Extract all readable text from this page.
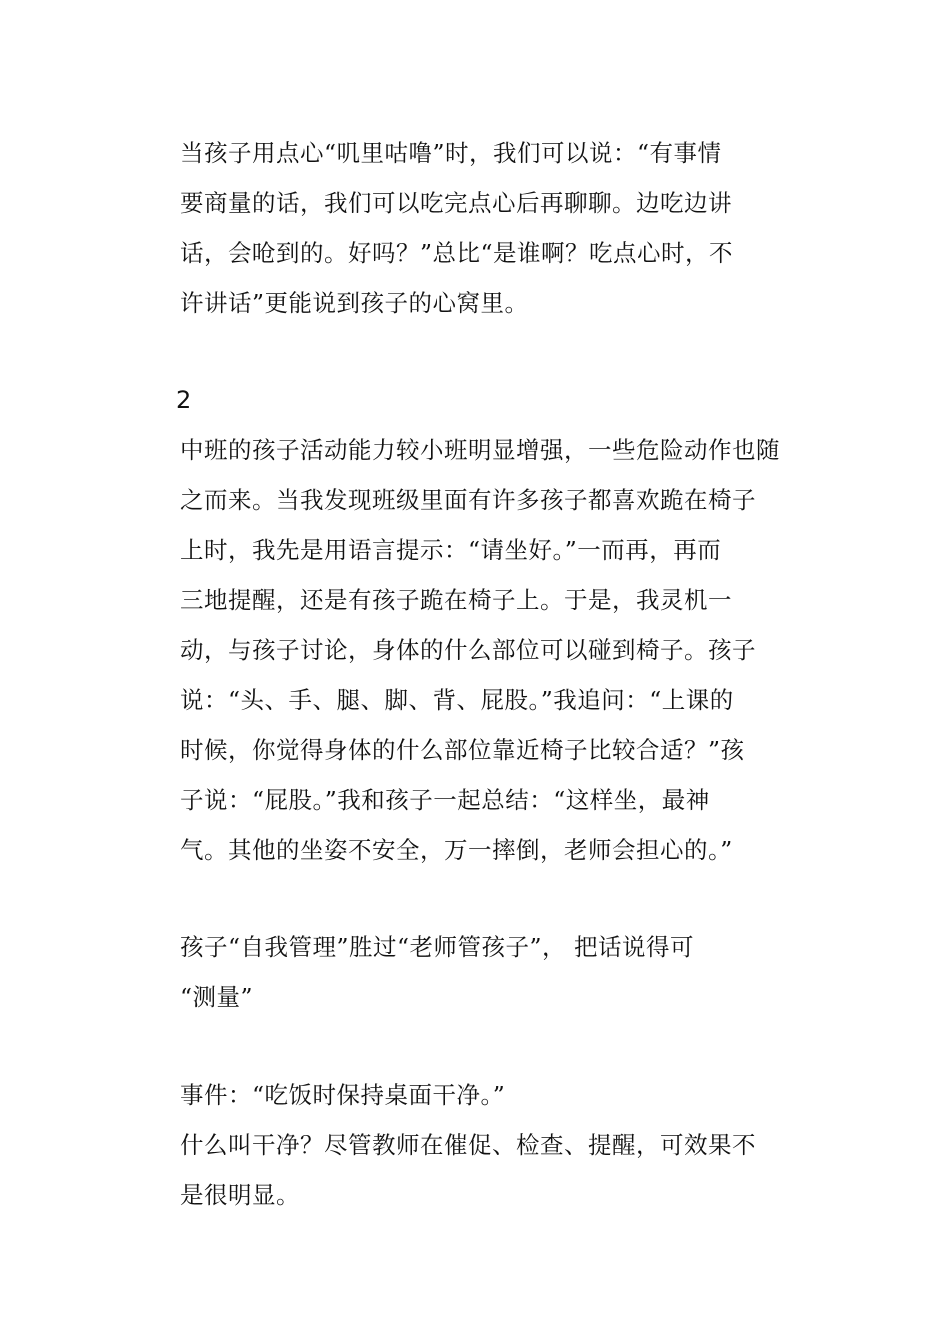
当孩子用点心“叽里咕噜”时，我们可以说：“有事情
要商量的话，我们可以吃完点心后再聊聊。边吃边讲
话，会呛到的。好吗？”总比“是谁啊？吃点心时，不
许讲话”更能说到孩子的心窝里。
2
中班的孩子活动能力较小班明显增强，一些危险动作也随
之而来。当我发现班级里面有许多孩子都喜欢跪在椅子
上时，我先是用语言提示：“请坐好。”一而再，再而
三地提醒，还是有孩子跪在椅子上。于是，我灵机一
动，与孩子讨论，身体的什么部位可以碰到椅子。孩子
说：“头、手、腿、脚、背、屁股。”我追问：“上课的
时候，你觉得身体的什么部位靠近椅子比较合适？”孩
子说：“屁股。”我和孩子一起总结：“这样坐，最神
气。其他的坐姿不安全，万一摔倒，老师会担心的。”
孩子“自我管理”胜过“老师管孩子”， 把话说得可
“测量”
事件：“吃饭时保持桌面干净。”
什么叫干净？尽管教师在催促、检查、提醒，可效果不
是很明显。
